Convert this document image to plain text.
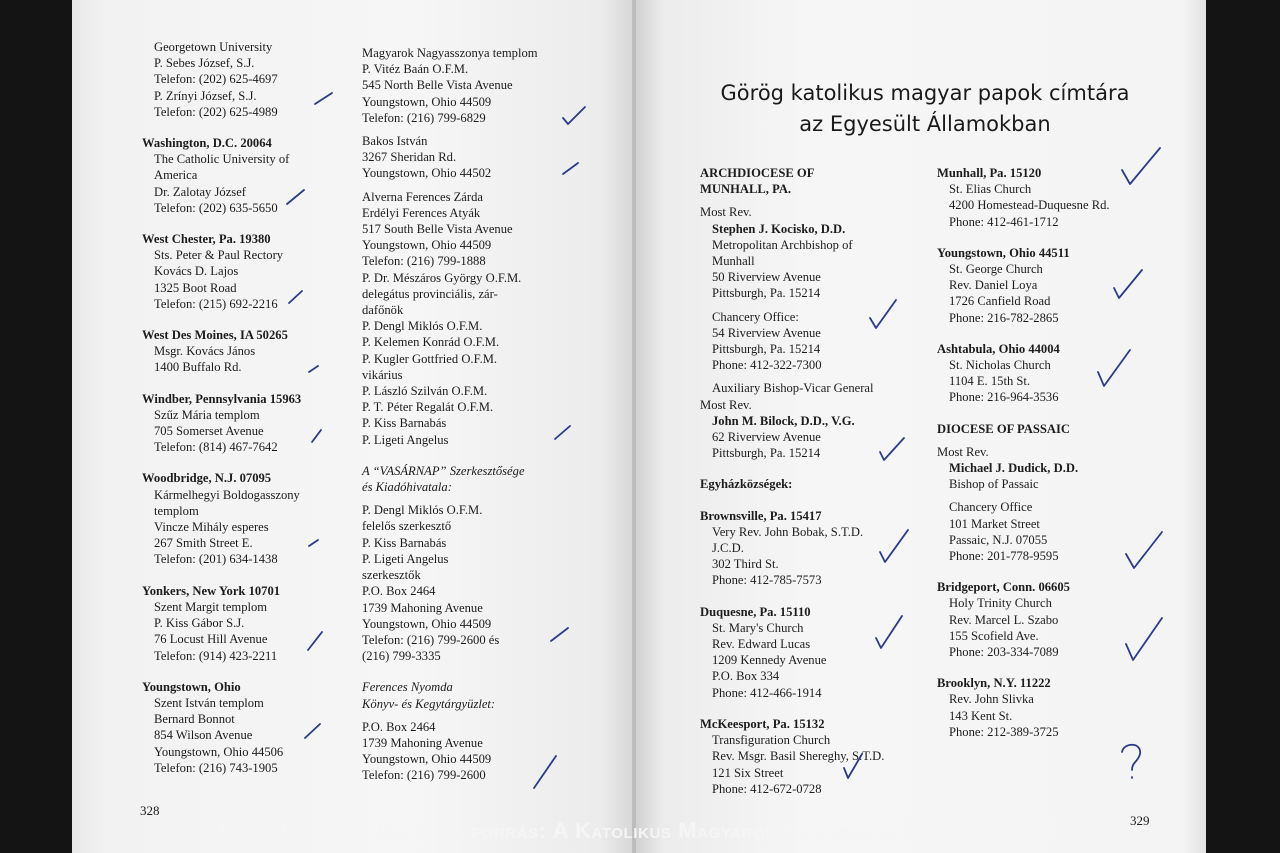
Georgetown University
P. Sebes József, S.J.
Telefon: (202) 625-4697
P. Zrínyi József, S.J.
Telefon: (202) 625-4989
Washington, D.C. 20064
The Catholic University of
America
Dr. Zalotay József
Telefon: (202) 635-5650
West Chester, Pa. 19380
Sts. Peter & Paul Rectory
Kovács D. Lajos
1325 Boot Road
Telefon: (215) 692-2216
West Des Moines, IA 50265
Msgr. Kovács János
1400 Buffalo Rd.
Windber, Pennsylvania 15963
Szűz Mária templom
705 Somerset Avenue
Telefon: (814) 467-7642
Woodbridge, N.J. 07095
Kármelhegyi Boldogasszony
templom
Vincze Mihály esperes
267 Smith Street E.
Telefon: (201) 634-1438
Yonkers, New York 10701
Szent Margit templom
P. Kiss Gábor S.J.
76 Locust Hill Avenue
Telefon: (914) 423-2211
Youngstown, Ohio
Szent István templom
Bernard Bonnot
854 Wilson Avenue
Youngstown, Ohio 44506
Telefon: (216) 743-1905
Magyarok Nagyasszonya templom
P. Vitéz Baán O.F.M.
545 North Belle Vista Avenue
Youngstown, Ohio 44509
Telefon: (216) 799-6829
Bakos István
3267 Sheridan Rd.
Youngstown, Ohio 44502
Alverna Ferences Zárda
Erdélyi Ferences Atyák
517 South Belle Vista Avenue
Youngstown, Ohio 44509
Telefon: (216) 799-1888
P. Dr. Mészáros György O.F.M.
delegátus provinciális, zár-
dafőnök
P. Dengl Miklós O.F.M.
P. Kelemen Konrád O.F.M.
P. Kugler Gottfried O.F.M.
vikárius
P. László Szilván O.F.M.
P. T. Péter Regalát O.F.M.
P. Kiss Barnabás
P. Ligeti Angelus
A “VASÁRNAP” Szerkesztősége
és Kiadóhivatala:
P. Dengl Miklós O.F.M.
felelős szerkesztő
P. Kiss Barnabás
P. Ligeti Angelus
szerkesztők
P.O. Box 2464
1739 Mahoning Avenue
Youngstown, Ohio 44509
Telefon: (216) 799-2600 és
(216) 799-3335
Ferences Nyomda
Könyv- és Kegytárgyüzlet:
P.O. Box 2464
1739 Mahoning Avenue
Youngstown, Ohio 44509
Telefon: (216) 799-2600
328
Görög katolikus magyar papok címtára
az Egyesült Államokban
ARCHDIOCESE OF
MUNHALL, PA.
Most Rev.
Stephen J. Kocisko, D.D.
Metropolitan Archbishop of
Munhall
50 Riverview Avenue
Pittsburgh, Pa. 15214
Chancery Office:
54 Riverview Avenue
Pittsburgh, Pa. 15214
Phone: 412-322-7300
Auxiliary Bishop-Vicar General
Most Rev.
John M. Bilock, D.D., V.G.
62 Riverview Avenue
Pittsburgh, Pa. 15214
Egyházközségek:
Brownsville, Pa. 15417
Very Rev. John Bobak, S.T.D.
J.C.D.
302 Third St.
Phone: 412-785-7573
Duquesne, Pa. 15110
St. Mary's Church
Rev. Edward Lucas
1209 Kennedy Avenue
P.O. Box 334
Phone: 412-466-1914
McKeesport, Pa. 15132
Transfiguration Church
Rev. Msgr. Basil Shereghy, S.T.D.
121 Six Street
Phone: 412-672-0728
Munhall, Pa. 15120
St. Elias Church
4200 Homestead-Duquesne Rd.
Phone: 412-461-1712
Youngstown, Ohio 44511
St. George Church
Rev. Daniel Loya
1726 Canfield Road
Phone: 216-782-2865
Ashtabula, Ohio 44004
St. Nicholas Church
1104 E. 15th St.
Phone: 216-964-3536
DIOCESE OF PASSAIC
Most Rev.
Michael J. Dudick, D.D.
Bishop of Passaic
Chancery Office
101 Market Street
Passaic, N.J. 07055
Phone: 201-778-9595
Bridgeport, Conn. 06605
Holy Trinity Church
Rev. Marcel L. Szabo
155 Scofield Ave.
Phone: 203-334-7089
Brooklyn, N.Y. 11222
Rev. John Slivka
143 Kent St.
Phone: 212-389-3725
329
Fotó: Dr. Tóth Gergely, forrás: A Katolikus Magyarok Vasárnapja Évkönyve, 1987
